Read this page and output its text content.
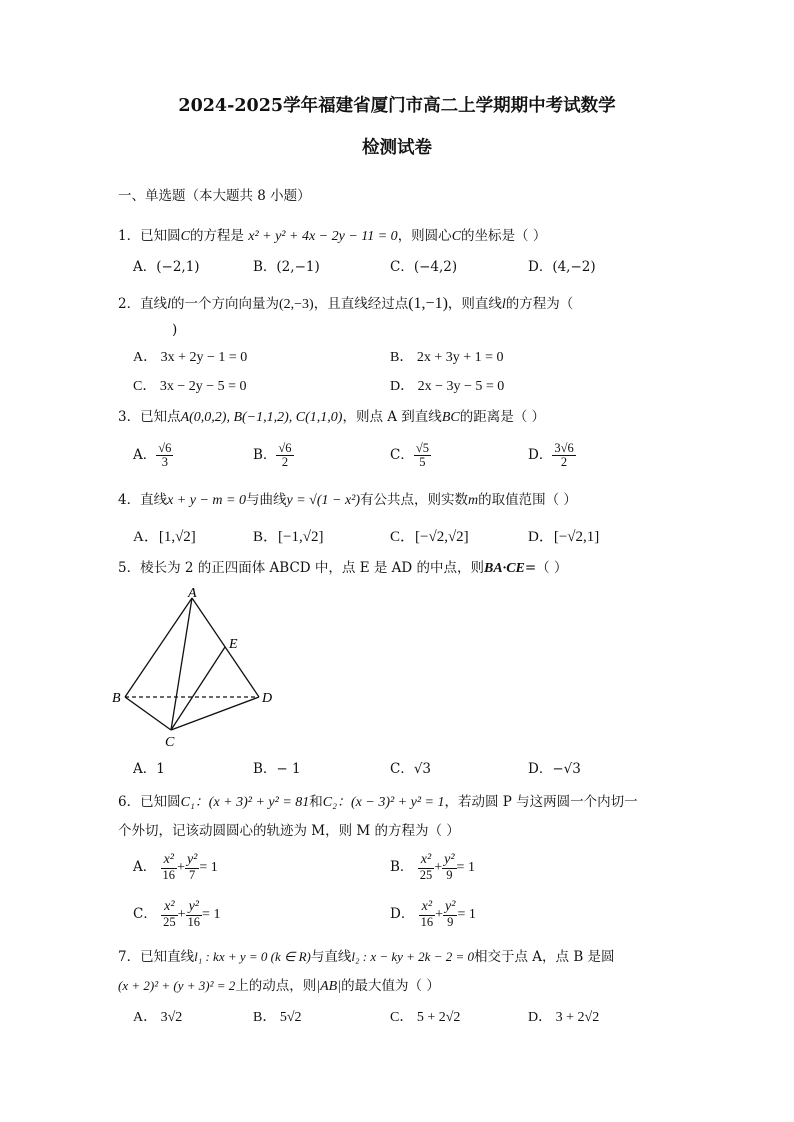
2024-2025学年福建省厦门市高二上学期期中考试数学
检测试卷
一、单选题（本大题共 8 小题）
1．已知圆C的方程是 x² + y² + 4x − 2y − 11 = 0，则圆心C的坐标是（ ）
A．(−2,1)	B．(2,−1)	C．(−4,2)	D．(4,−2)
2．直线l的一个方向向量为(2,−3)，且直线经过点(1,−1)，则直线l的方程为（
)
A． 3x + 2y − 1 = 0	B． 2x + 3y + 1 = 0
C． 3x − 2y − 5 = 0	D． 2x − 3y − 5 = 0
3．已知点A(0,0,2), B(−1,1,2), C(1,1,0)，则点 A 到直线BC的距离是（ ）
A． $\frac{√6}{3}$	B． $\frac{√6}{2}$	C． $\frac{√5}{5}$	D． $\frac{3√6}{2}$
4．直线x + y − m = 0与曲线y = √(1 − x²)有公共点，则实数m的取值范围（ ）
A．[1,√2]	B．[−1,√2]	C．[−√2,√2]	D．[−√2,1]
5．棱长为 2 的正四面体 ABCD 中，点 E 是 AD 的中点，则BA·CE=（ ）
A
E
B	D
C
A．1	B．− 1	C．√3	D．−√3
6．已知圆C₁：(x + 3)² + y² = 81和C₂：(x − 3)² + y² = 1，若动圆 P 与这两圆一个内切一
个外切，记该动圆圆心的轨迹为 M，则 M 的方程为（ ）
A． $\frac{\text{x²}}{16} + \frac{\text{y²}}{7} = 1$	B． $\frac{\text{x²}}{25} + \frac{\text{y²}}{9} = 1$
C． $\frac{\text{x²}}{25} + \frac{\text{y²}}{16} = 1$	D． $\frac{\text{x²}}{16} + \frac{\text{y²}}{9} = 1$
7．已知直线l₁ : kx + y = 0 (k ∈ R)与直线l₂ : x − ky + 2k − 2 = 0相交于点 A，点 B 是圆
(x + 2)² + (y + 3)² = 2上的动点，则|AB|的最大值为（ ）
A． 3√2	B． 5√2	C． 5 + 2√2	D． 3 + 2√2
